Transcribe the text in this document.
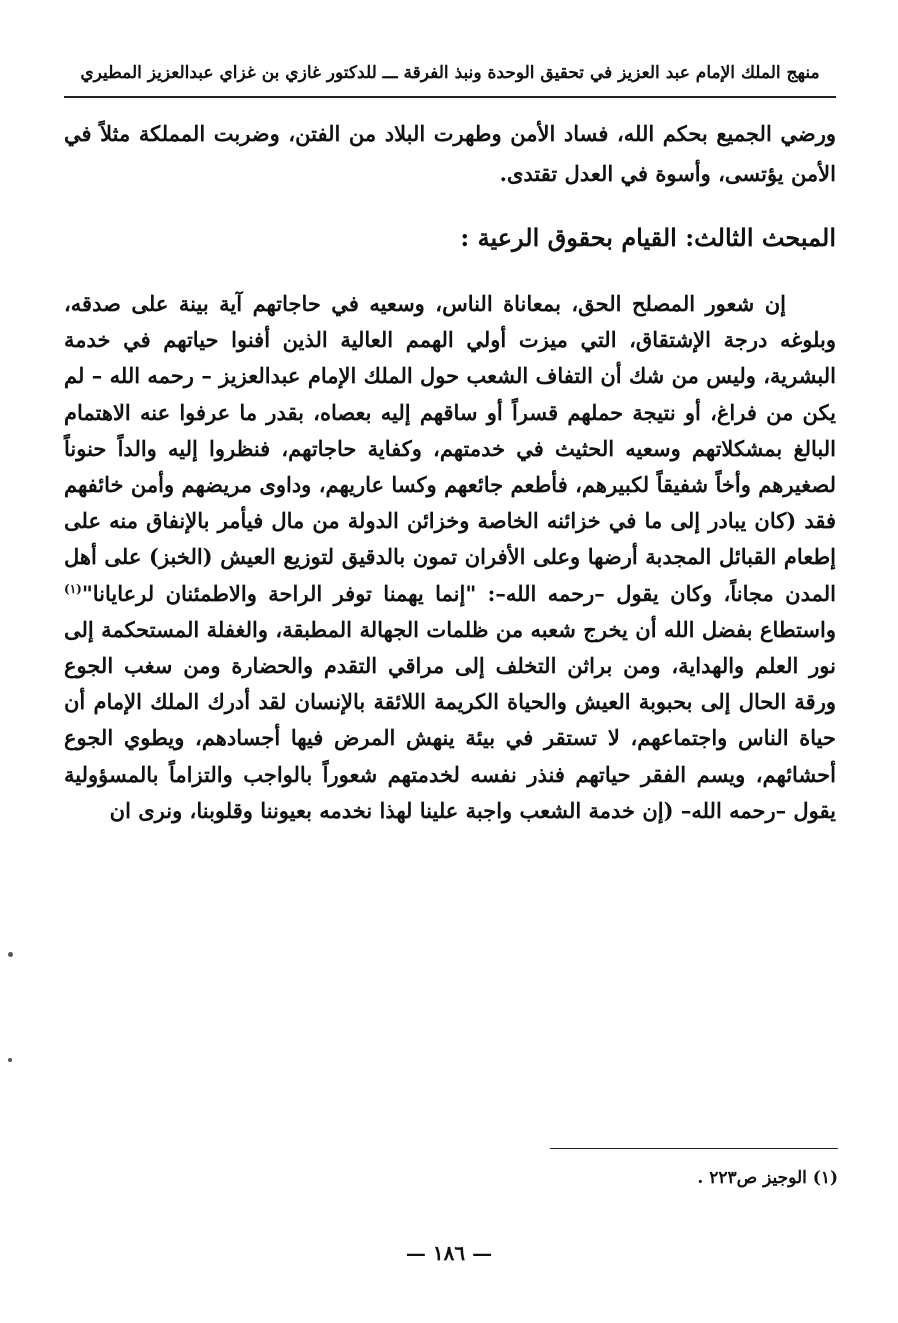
منهج الملك الإمام عبد العزيز في تحقيق الوحدة ونبذ الفرقة ـــ للدكتور غازي بن غزاي عبدالعزيز المطيري

ورضي الجميع بحكم الله، فساد الأمن وطهرت البلاد من الفتن، وضربت المملكة مثلاً في الأمن يؤتسى، وأسوة في العدل تقتدى.

المبحث الثالث: القيام بحقوق الرعية :

إن شعور المصلح الحق، بمعاناة الناس، وسعيه في حاجاتهم آية بينة على صدقه، وبلوغه درجة الإشتقاق، التي ميزت أولي الهمم العالية الذين أفنوا حياتهم في خدمة البشرية، وليس من شك أن التفاف الشعب حول الملك الإمام عبدالعزيز – رحمه الله – لم يكن من فراغ، أو نتيجة حملهم قسراً أو ساقهم إليه بعصاه، بقدر ما عرفوا عنه الاهتمام البالغ بمشكلاتهم وسعيه الحثيث في خدمتهم، وكفاية حاجاتهم، فنظروا إليه والداً حنوناً لصغيرهم وأخاً شفيقاً لكبيرهم، فأطعم جائعهم وكسا عاريهم، وداوى مريضهم وأمن خائفهم فقد (كان يبادر إلى ما في خزائنه الخاصة وخزائن الدولة من مال فيأمر بالإنفاق منه على إطعام القبائل المجدبة أرضها وعلى الأفران تمون بالدقيق لتوزيع العيش (الخبز) على أهل المدن مجاناً، وكان يقول –رحمه الله–: "إنما يهمنا توفر الراحة والاطمئنان لرعايانا"$^{(١)}$ واستطاع بفضل الله أن يخرج شعبه من ظلمات الجهالة المطبقة، والغفلة المستحكمة إلى نور العلم والهداية، ومن براثن التخلف إلى مراقي التقدم والحضارة ومن سغب الجوع ورقة الحال إلى بحبوبة العيش والحياة الكريمة اللائقة بالإنسان لقد أدرك الملك الإمام أن حياة الناس واجتماعهم، لا تستقر في بيئة ينهش المرض فيها أجسادهم، ويطوي الجوع أحشائهم، ويسم الفقر حياتهم فنذر نفسه لخدمتهم شعوراً بالواجب والتزاماً بالمسؤولية يقول –رحمه الله– (إن خدمة الشعب واجبة علينا لهذا نخدمه بعيوننا وقلوبنا، ونرى ان

(١) الوجيز ص٢٢٣ .
— ١٨٦ —
